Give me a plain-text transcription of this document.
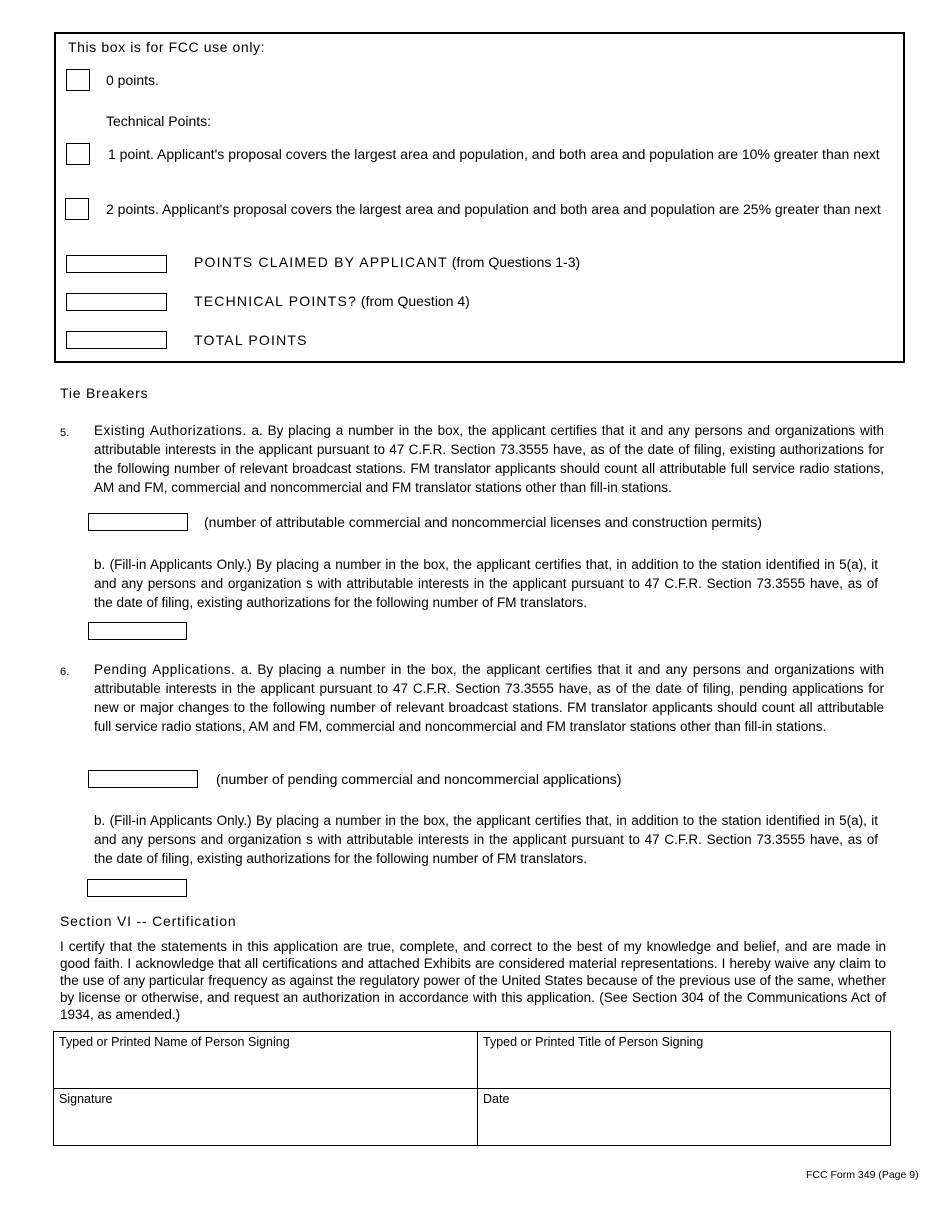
This box is for FCC use only:
0 points.
Technical Points:
1 point. Applicant's proposal covers the largest area and population, and both area and population are 10% greater than next
2 points. Applicant's proposal covers the largest area and population and both area and population are 25% greater than next
POINTS CLAIMED BY APPLICANT (from Questions 1-3)
TECHNICAL POINTS? (from Question 4)
TOTAL POINTS
Tie Breakers
5. Existing Authorizations. a. By placing a number in the box, the applicant certifies that it and any persons and organizations with attributable interests in the applicant pursuant to 47 C.F.R. Section 73.3555 have, as of the date of filing, existing authorizations for the following number of relevant broadcast stations. FM translator applicants should count all attributable full service radio stations, AM and FM, commercial and noncommercial and FM translator stations other than fill-in stations.
(number of attributable commercial and noncommercial licenses and construction permits)
b. (Fill-in Applicants Only.) By placing a number in the box, the applicant certifies that, in addition to the station identified in 5(a), it and any persons and organization s with attributable interests in the applicant pursuant to 47 C.F.R. Section 73.3555 have, as of the date of filing, existing authorizations for the following number of FM translators.
6. Pending Applications. a. By placing a number in the box, the applicant certifies that it and any persons and organizations with attributable interests in the applicant pursuant to 47 C.F.R. Section 73.3555 have, as of the date of filing, pending applications for new or major changes to the following number of relevant broadcast stations. FM translator applicants should count all attributable full service radio stations, AM and FM, commercial and noncommercial and FM translator stations other than fill-in stations.
(number of pending commercial and noncommercial applications)
b. (Fill-in Applicants Only.) By placing a number in the box, the applicant certifies that, in addition to the station identified in 5(a), it and any persons and organization s with attributable interests in the applicant pursuant to 47 C.F.R. Section 73.3555 have, as of the date of filing, existing authorizations for the following number of FM translators.
Section VI -- Certification
I certify that the statements in this application are true, complete, and correct to the best of my knowledge and belief, and are made in good faith. I acknowledge that all certifications and attached Exhibits are considered material representations. I hereby waive any claim to the use of any particular frequency as against the regulatory power of the United States because of the previous use of the same, whether by license or otherwise, and request an authorization in accordance with this application. (See Section 304 of the Communications Act of 1934, as amended.)
Typed or Printed Name of Person Signing	Typed or Printed Title of Person Signing
Signature	Date
FCC Form 349 (Page 9)
